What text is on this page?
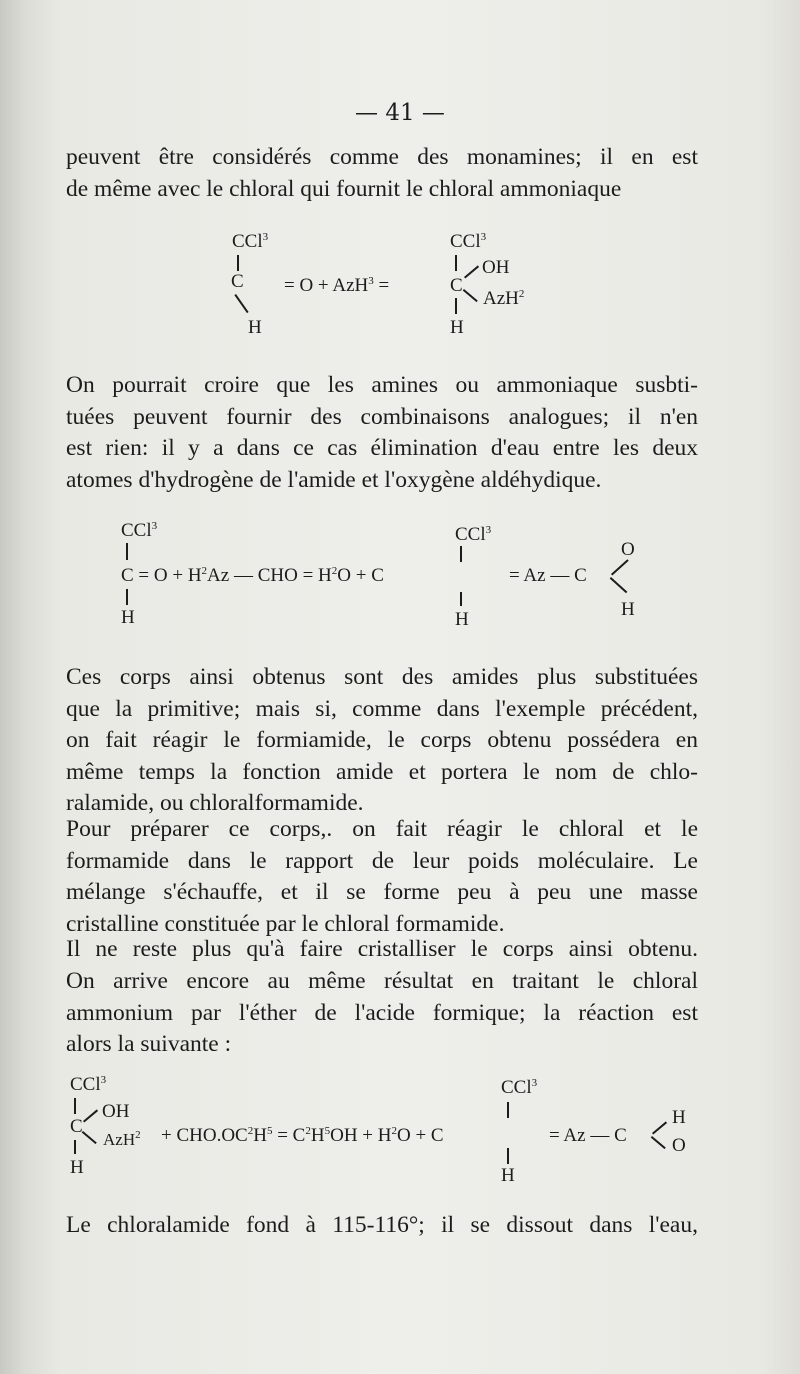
— 41 —
peuvent être considérés comme des monamines; il en est
de même avec le chloral qui fournit le chloral ammoniaque
CCl$^3$
C
H
= O + AzH$^3$ =
CCl$^3$
C
OH
AzH$^2$
H
On pourrait croire que les amines ou ammoniaque susbti-
tuées peuvent fournir des combinaisons analogues; il n'en
est rien: il y a dans ce cas élimination d'eau entre les deux
atomes d'hydrogène de l'amide et l'oxygène aldéhydique.
CCl$^3$
$C = O + H^2Az$ — CHO = $H^2O + C$
H
CCl$^3$
H
= Az — C
O
H
Ces corps ainsi obtenus sont des amides plus substituées
que la primitive; mais si, comme dans l'exemple précédent,
on fait réagir le formiamide, le corps obtenu possédera en
même temps la fonction amide et portera le nom de chlo-
ralamide, ou chloralformamide.
Pour préparer ce corps,. on fait réagir le chloral et le
formamide dans le rapport de leur poids moléculaire. Le
mélange s'échauffe, et il se forme peu à peu une masse
cristalline constituée par le chloral formamide.
Il ne reste plus qu'à faire cristalliser le corps ainsi obtenu.
On arrive encore au même résultat en traitant le chloral
ammonium par l'éther de l'acide formique; la réaction est
alors la suivante :
CCl$^3$
C
OH
AzH$^2$
H
+ $CHO.OC^2H^5 = C^2H^5OH + H^2O + C$
CCl$^3$
H
= Az — C
H
O
Le chloralamide fond à 115-116°; il se dissout dans l'eau,
